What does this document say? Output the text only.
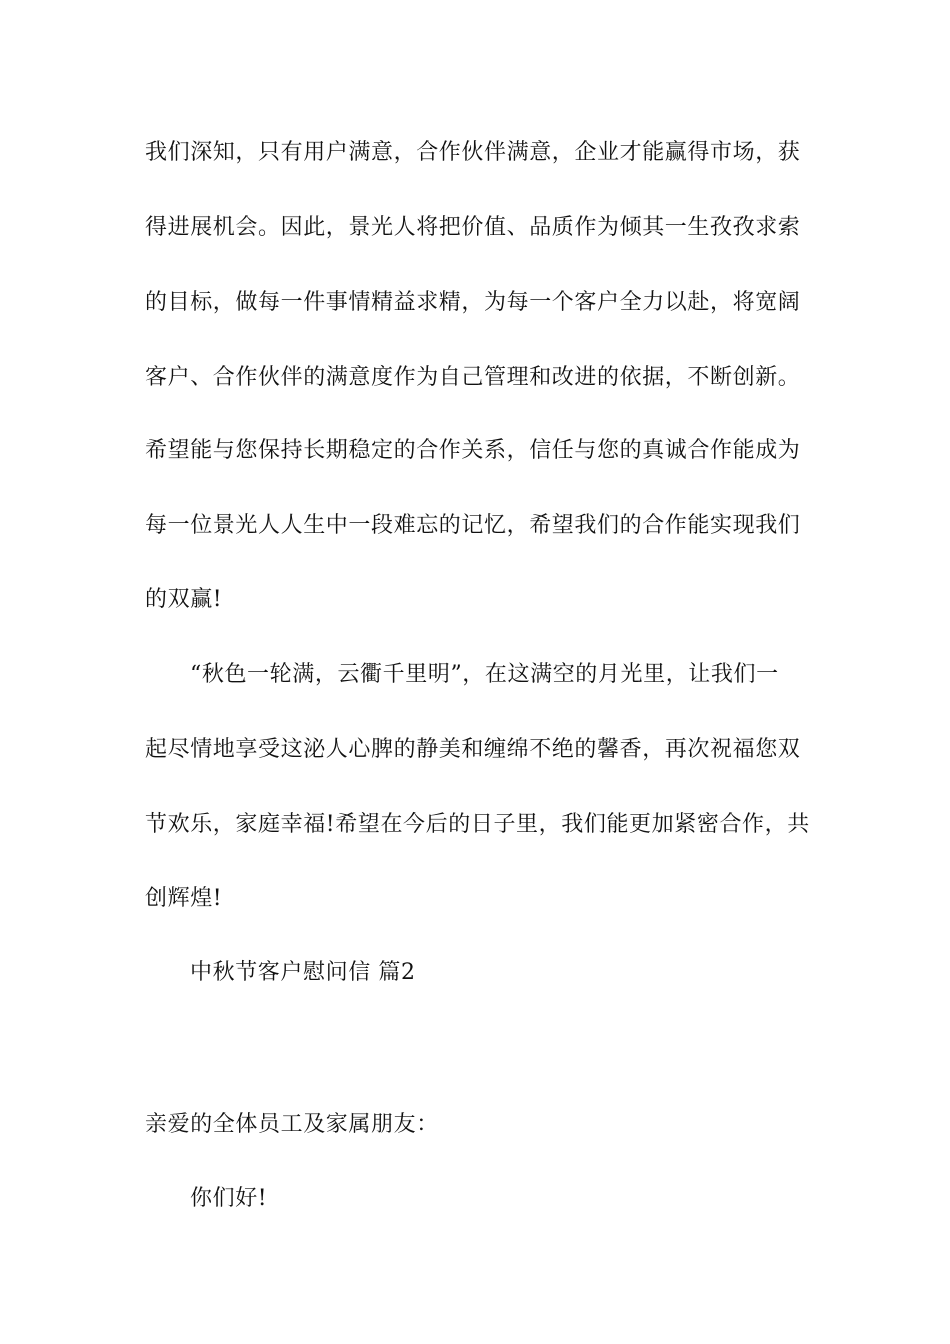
我们深知，只有用户满意，合作伙伴满意，企业才能赢得市场，获
得进展机会。因此，景光人将把价值、品质作为倾其一生孜孜求索
的目标，做每一件事情精益求精，为每一个客户全力以赴，将宽阔
客户、合作伙伴的满意度作为自己管理和改进的依据，不断创新。
希望能与您保持长期稳定的合作关系，信任与您的真诚合作能成为
每一位景光人人生中一段难忘的记忆，希望我们的合作能实现我们
的双赢!
“秋色一轮满，云衢千里明”，在这满空的月光里，让我们一
起尽情地享受这泌人心脾的静美和缠绵不绝的馨香，再次祝福您双
节欢乐，家庭幸福!希望在今后的日子里，我们能更加紧密合作，共
创辉煌!
中秋节客户慰问信 篇2
亲爱的全体员工及家属朋友：
你们好!
